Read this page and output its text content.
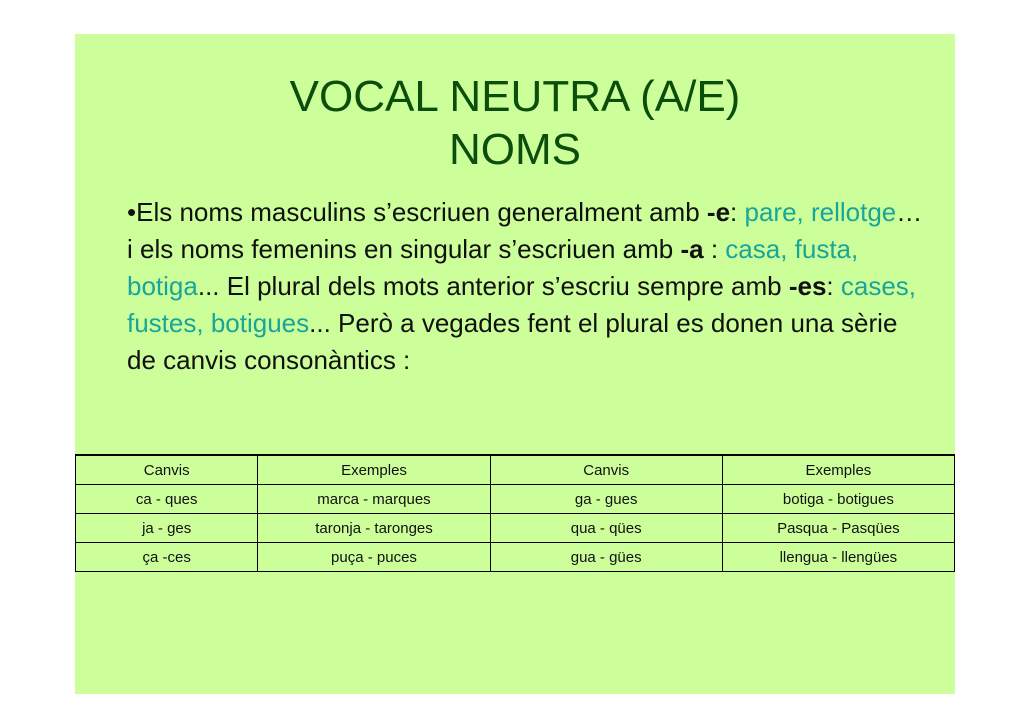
VOCAL NEUTRA (A/E)
NOMS

•Els noms masculins s’escriuen generalment amb -e: pare, rellotge… i els noms femenins en singular s’escriuen amb -a : casa, fusta, botiga... El plural dels mots anterior s’escriu sempre amb -es: cases, fustes, botigues... Però a vegades fent el plural es donen una sèrie de canvis consonàntics :

Canvis	Exemples	Canvis	Exemples
ca - ques	marca - marques	ga - gues	botiga - botigues
ja - ges	taronja - taronges	qua - qües	Pasqua - Pasqües
ça -ces	puça - puces	gua - gües	llengua - llengües
